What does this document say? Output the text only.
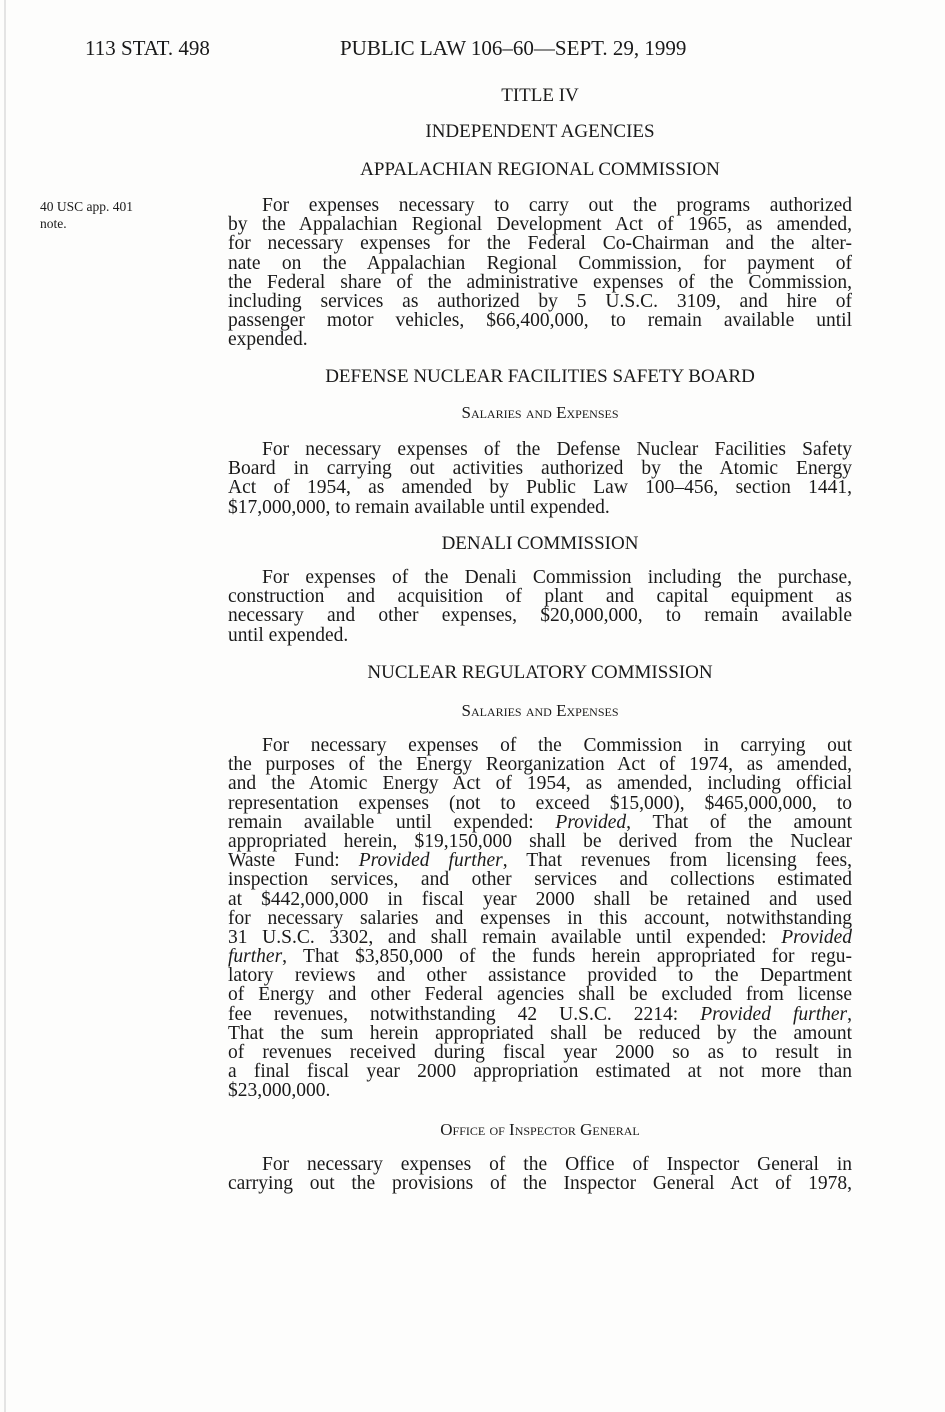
113 STAT. 498	PUBLIC LAW 106–60—SEPT. 29, 1999
TITLE IV
INDEPENDENT AGENCIES
APPALACHIAN REGIONAL COMMISSION
40 USC app. 401
note.
For expenses necessary to carry out the programs authorized
by the Appalachian Regional Development Act of 1965, as amended,
for necessary expenses for the Federal Co-Chairman and the alter-
nate on the Appalachian Regional Commission, for payment of
the Federal share of the administrative expenses of the Commission,
including services as authorized by 5 U.S.C. 3109, and hire of
passenger motor vehicles, $66,400,000, to remain available until
expended.
DEFENSE NUCLEAR FACILITIES SAFETY BOARD
Salaries and Expenses
For necessary expenses of the Defense Nuclear Facilities Safety
Board in carrying out activities authorized by the Atomic Energy
Act of 1954, as amended by Public Law 100–456, section 1441,
$17,000,000, to remain available until expended.
DENALI COMMISSION
For expenses of the Denali Commission including the purchase,
construction and acquisition of plant and capital equipment as
necessary and other expenses, $20,000,000, to remain available
until expended.
NUCLEAR REGULATORY COMMISSION
Salaries and Expenses
For necessary expenses of the Commission in carrying out
the purposes of the Energy Reorganization Act of 1974, as amended,
and the Atomic Energy Act of 1954, as amended, including official
representation expenses (not to exceed $15,000), $465,000,000, to
remain available until expended: Provided, That of the amount
appropriated herein, $19,150,000 shall be derived from the Nuclear
Waste Fund: Provided further, That revenues from licensing fees,
inspection services, and other services and collections estimated
at $442,000,000 in fiscal year 2000 shall be retained and used
for necessary salaries and expenses in this account, notwithstanding
31 U.S.C. 3302, and shall remain available until expended: Provided
further, That $3,850,000 of the funds herein appropriated for regu-
latory reviews and other assistance provided to the Department
of Energy and other Federal agencies shall be excluded from license
fee revenues, notwithstanding 42 U.S.C. 2214: Provided further,
That the sum herein appropriated shall be reduced by the amount
of revenues received during fiscal year 2000 so as to result in
a final fiscal year 2000 appropriation estimated at not more than
$23,000,000.
Office of Inspector General
For necessary expenses of the Office of Inspector General in
carrying out the provisions of the Inspector General Act of 1978,
